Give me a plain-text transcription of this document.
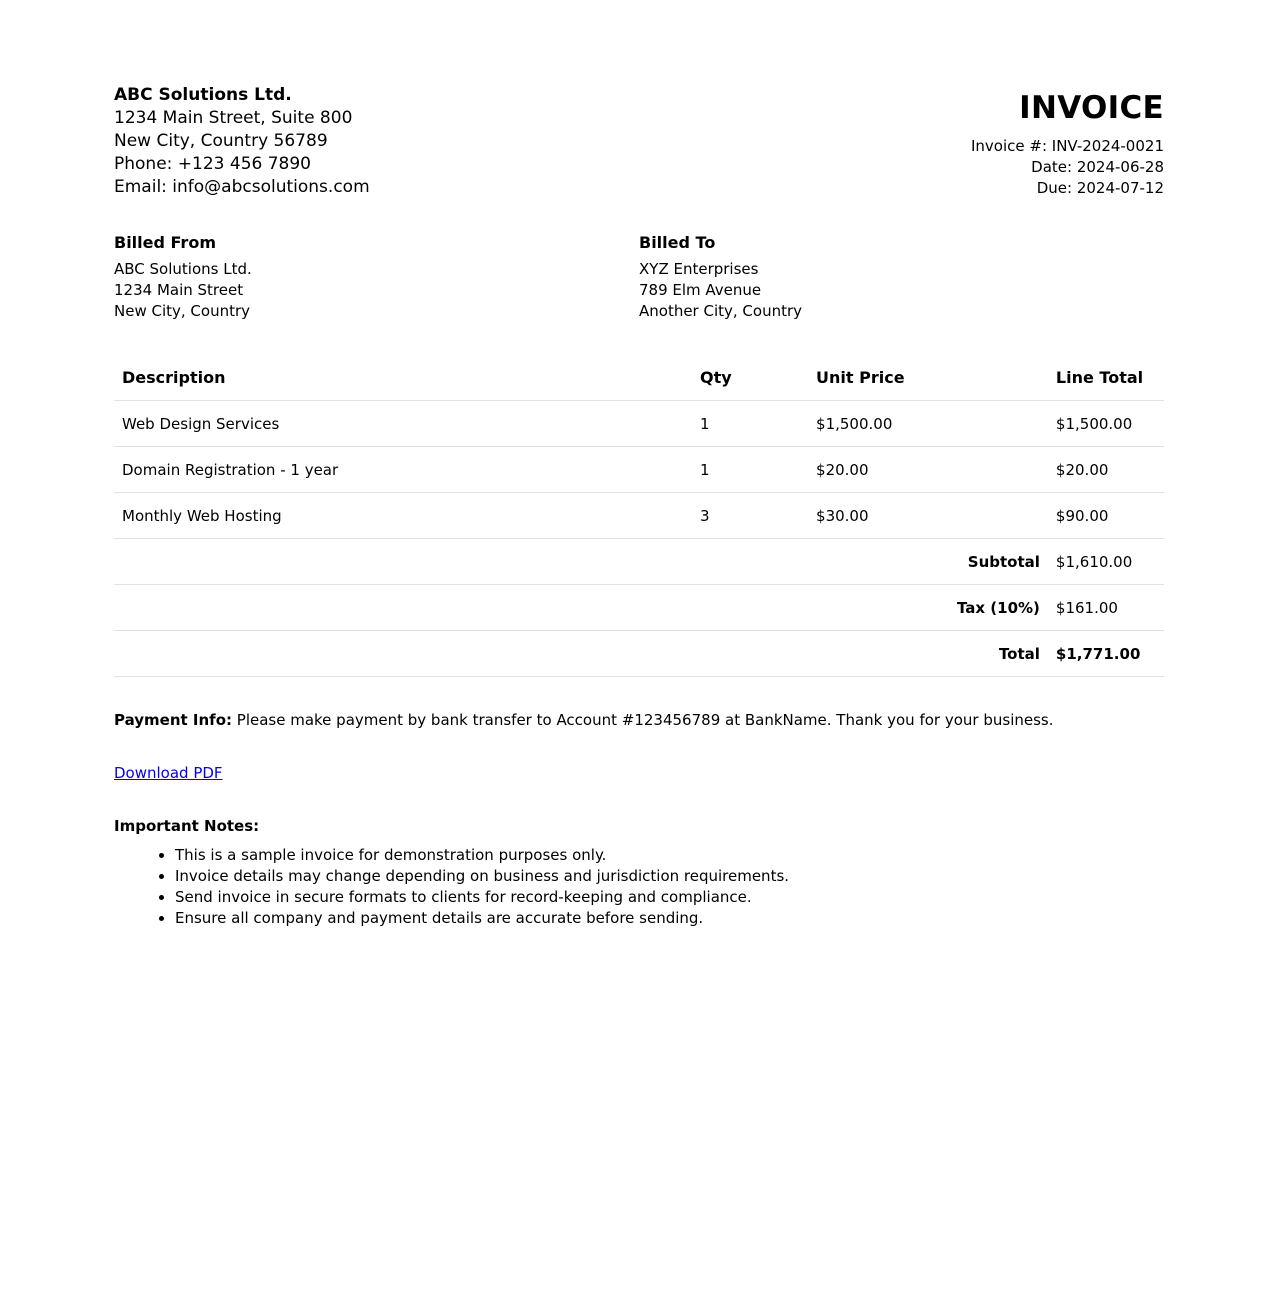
ABC Solutions Ltd.
1234 Main Street, Suite 800
New City, Country 56789
Phone: +123 456 7890
Email: info@abcsolutions.com
INVOICE
Invoice #: INV-2024-0021
Date: 2024-06-28
Due: 2024-07-12
Billed From
ABC Solutions Ltd.
1234 Main Street
New City, Country
Billed To
XYZ Enterprises
789 Elm Avenue
Another City, Country
Description	Qty	Unit Price	Line Total
Web Design Services	1	$1,500.00	$1,500.00
Domain Registration - 1 year	1	$20.00	$20.00
Monthly Web Hosting	3	$30.00	$90.00
Subtotal			$1,610.00
Tax (10%)			$161.00
Total			$1,771.00
Payment Info: Please make payment by bank transfer to Account #123456789 at BankName. Thank you for your business.
Download PDF
Important Notes:
• This is a sample invoice for demonstration purposes only.
• Invoice details may change depending on business and jurisdiction requirements.
• Send invoice in secure formats to clients for record-keeping and compliance.
• Ensure all company and payment details are accurate before sending.
